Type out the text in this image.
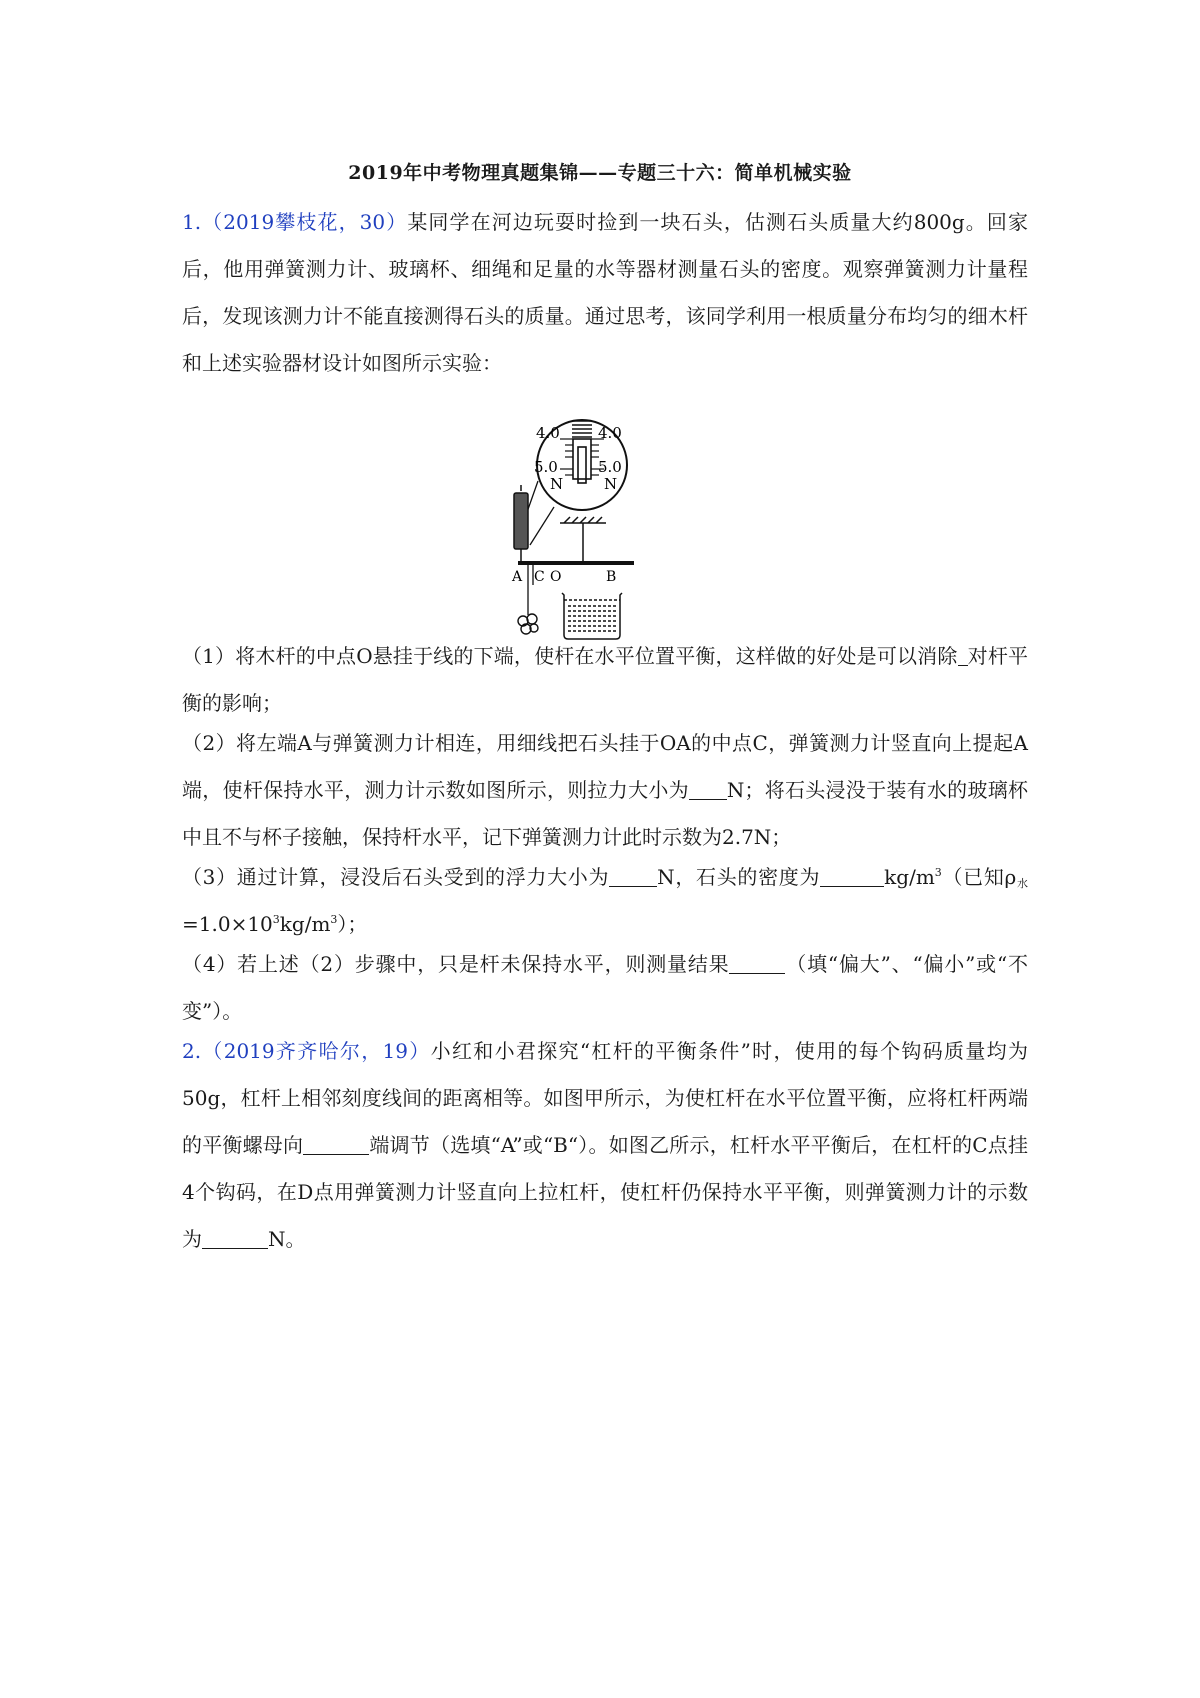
2019年中考物理真题集锦——专题三十六：简单机械实验
1.（2019攀枝花，30）某同学在河边玩耍时捡到一块石头，估测石头质量大约800g。回家后，他用弹簧测力计、玻璃杯、细绳和足量的水等器材测量石头的密度。观察弹簧测力计量程后，发现该测力计不能直接测得石头的质量。通过思考，该同学利用一根质量分布均匀的细木杆和上述实验器材设计如图所示实验：
4.0	4.0
5.0	5.0
N	N
A C O	B
（1）将木杆的中点O悬挂于线的下端，使杆在水平位置平衡，这样做的好处是可以消除 对杆平衡的影响；
（2）将左端A与弹簧测力计相连，用细线把石头挂于OA的中点C，弹簧测力计竖直向上提起A端，使杆保持水平，测力计示数如图所示，则拉力大小为 N；将石头浸没于装有水的玻璃杯中且不与杯子接触，保持杆水平，记下弹簧测力计此时示数为2.7N；
（3）通过计算，浸没后石头受到的浮力大小为 N，石头的密度为	$kg/m^3$（已知$\rho_水=1.0\times 10^3kg/m^3$）；
（4）若上述（2）步骤中，只是杆未保持水平，则测量结果	（填“偏大”、“偏小”或“不变”）。
2.（2019齐齐哈尔，19）小红和小君探究“杠杆的平衡条件”时，使用的每个钩码质量均为50g，杠杆上相邻刻度线间的距离相等。如图甲所示，为使杠杆在水平位置平衡，应将杠杆两端的平衡螺母向	端调节（选填“A”或“B“）。如图乙所示，杠杆水平平衡后，在杠杆的C点挂4个钩码，在D点用弹簧测力计竖直向上拉杠杆，使杠杆仍保持水平平衡，则弹簧测力计的示数为	N。
